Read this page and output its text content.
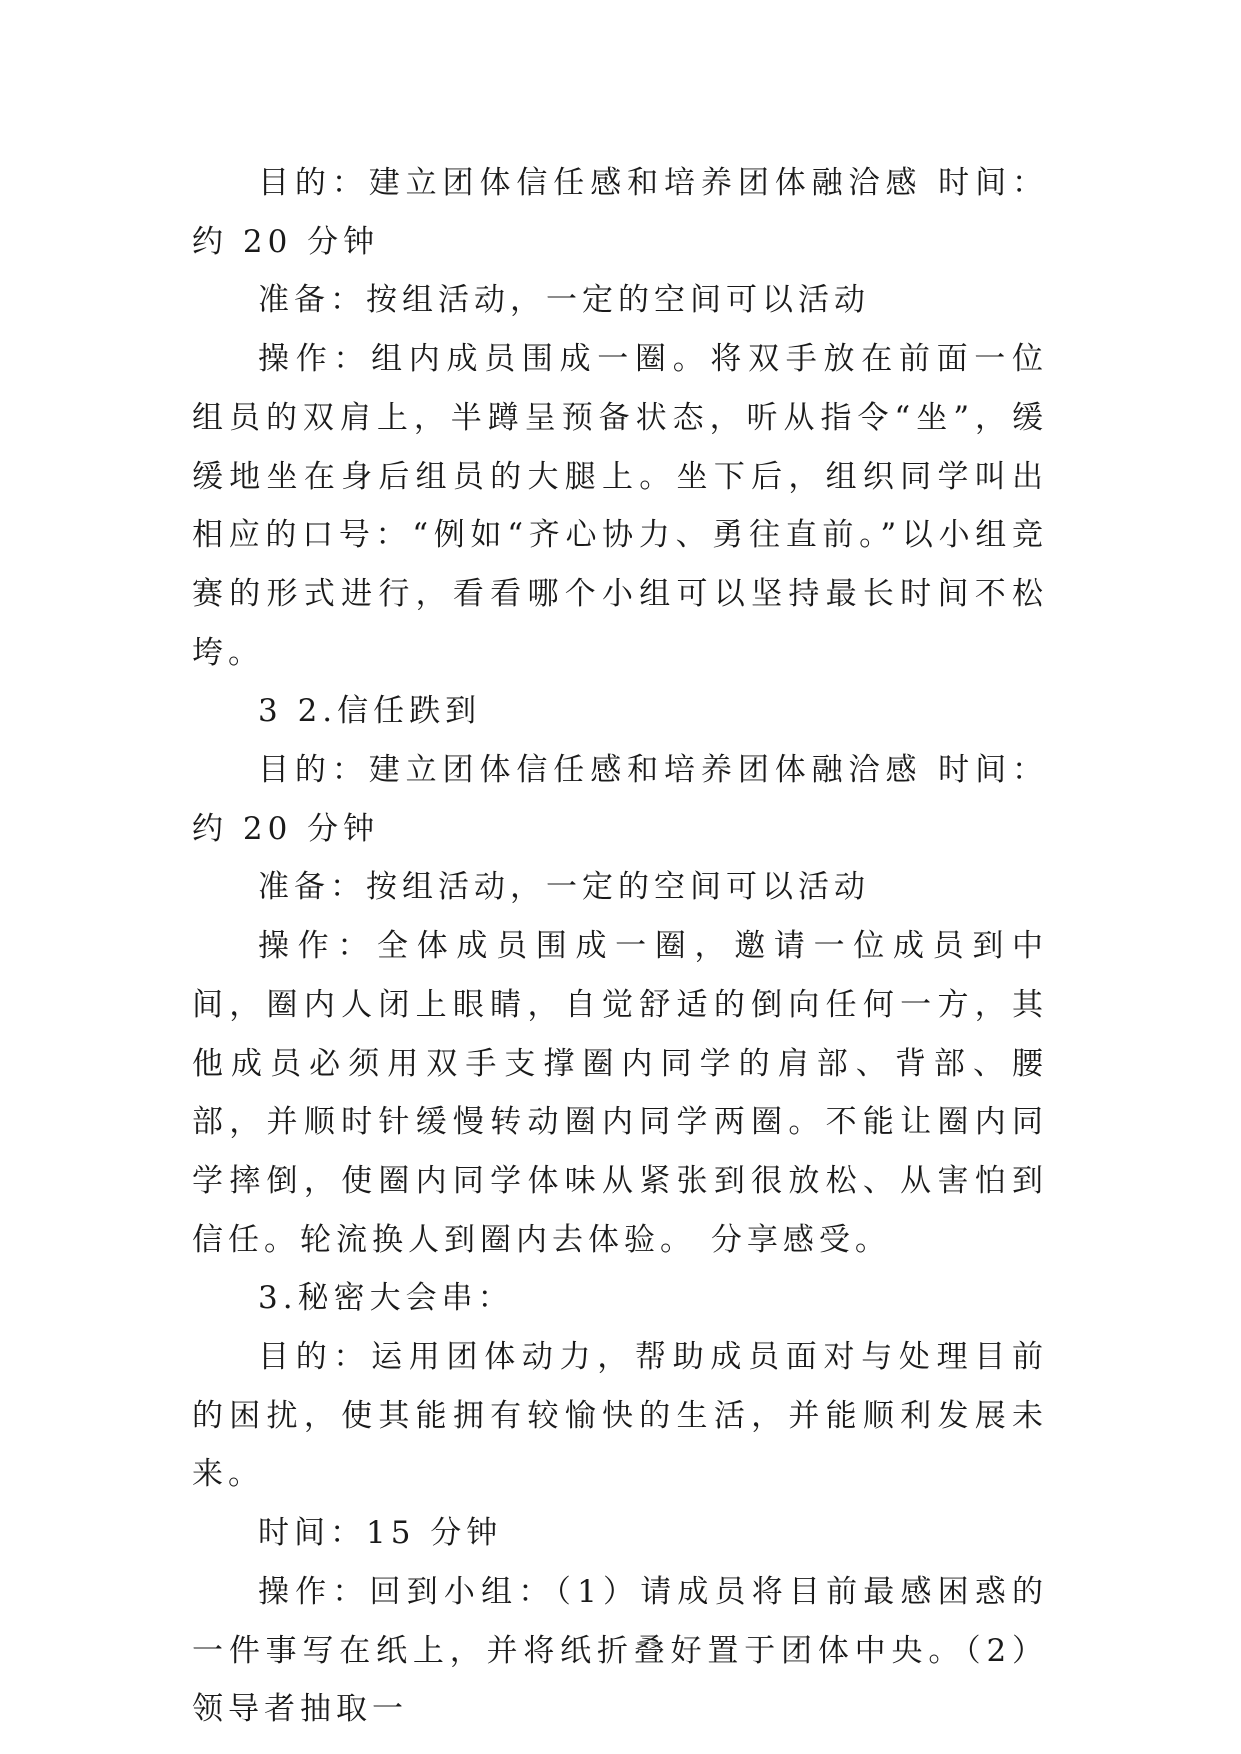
目的：建立团体信任感和培养团体融洽感 时间：约 20 分钟

准备：按组活动，一定的空间可以活动

操作：组内成员围成一圈。将双手放在前面一位组员的双肩上，半蹲呈预备状态，听从指令“坐”，缓缓地坐在身后组员的大腿上。坐下后，组织同学叫出相应的口号：“例如“齐心协力、勇往直前。”以小组竞赛的形式进行，看看哪个小组可以坚持最长时间不松垮。

3 2.信任跌到

目的：建立团体信任感和培养团体融洽感 时间：约 20 分钟

准备：按组活动，一定的空间可以活动

操作：全体成员围成一圈，邀请一位成员到中间，圈内人闭上眼睛，自觉舒适的倒向任何一方，其他成员必须用双手支撑圈内同学的肩部、背部、腰部，并顺时针缓慢转动圈内同学两圈。不能让圈内同学摔倒，使圈内同学体味从紧张到很放松、从害怕到信任。轮流换人到圈内去体验。 分享感受。

3.秘密大会串：

目的：运用团体动力，帮助成员面对与处理目前的困扰，使其能拥有较愉快的生活，并能顺利发展未来。

时间：15 分钟

操作：回到小组：（1）请成员将目前最感困惑的一件事写在纸上，并将纸折叠好置于团体中央。（2）领导者抽取一
